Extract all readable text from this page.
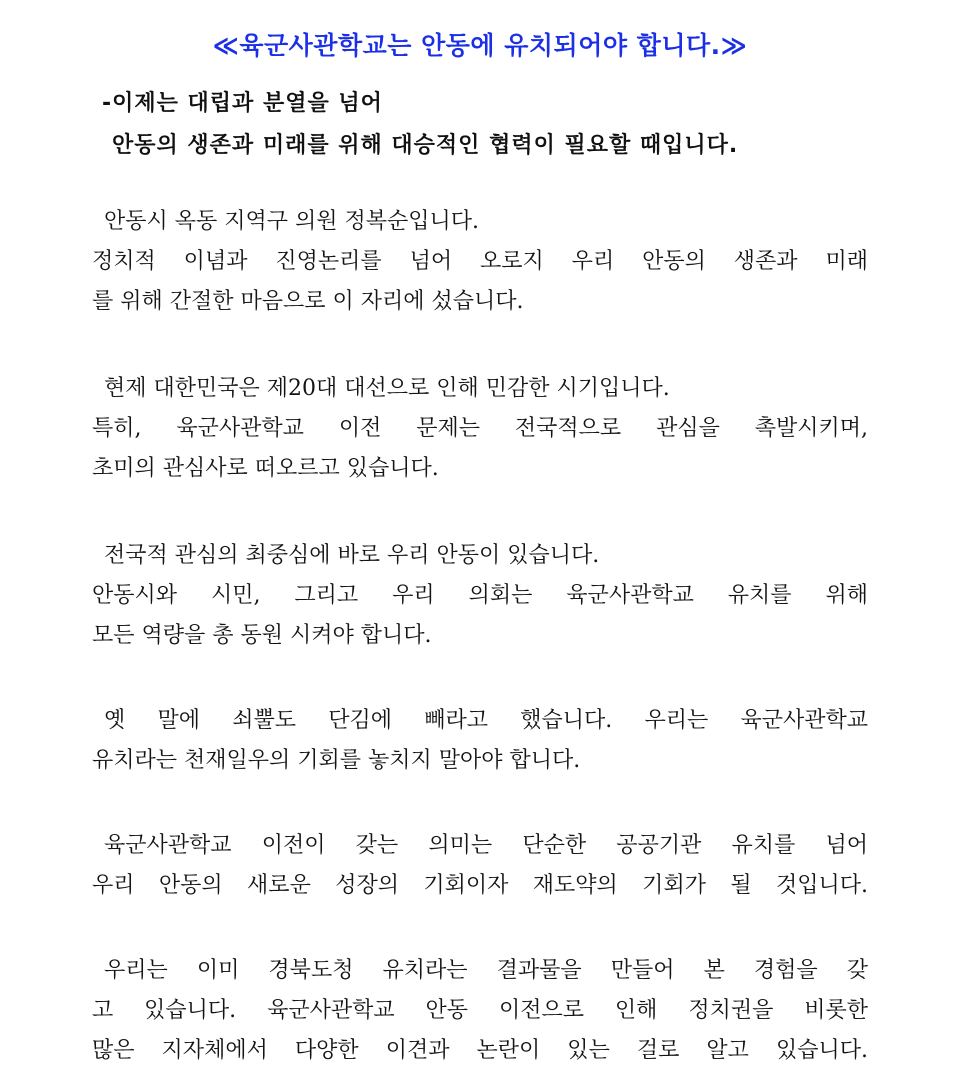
≪육군사관학교는 안동에 유치되어야 합니다.≫
-이제는 대립과 분열을 넘어
안동의 생존과 미래를 위해 대승적인 협력이 필요할 때입니다.
안동시 옥동 지역구 의원 정복순입니다.
정치적 이념과 진영논리를 넘어 오로지 우리 안동의 생존과 미래
를 위해 간절한 마음으로 이 자리에 섰습니다.
현제 대한민국은 제20대 대선으로 인해 민감한 시기입니다.
특히, 육군사관학교 이전 문제는 전국적으로 관심을 촉발시키며,
초미의 관심사로 떠오르고 있습니다.
전국적 관심의 최중심에 바로 우리 안동이 있습니다.
안동시와 시민, 그리고 우리 의회는 육군사관학교 유치를 위해
모든 역량을 총 동원 시켜야 합니다.
옛 말에 쇠뿔도 단김에 빼라고 했습니다. 우리는 육군사관학교
유치라는 천재일우의 기회를 놓치지 말아야 합니다.
육군사관학교 이전이 갖는 의미는 단순한 공공기관 유치를 넘어
우리 안동의 새로운 성장의 기회이자 재도약의 기회가 될 것입니다.
우리는 이미 경북도청 유치라는 결과물을 만들어 본 경험을 갖
고 있습니다. 육군사관학교 안동 이전으로 인해 정치권을 비롯한
많은 지자체에서 다양한 이견과 논란이 있는 걸로 알고 있습니다.
